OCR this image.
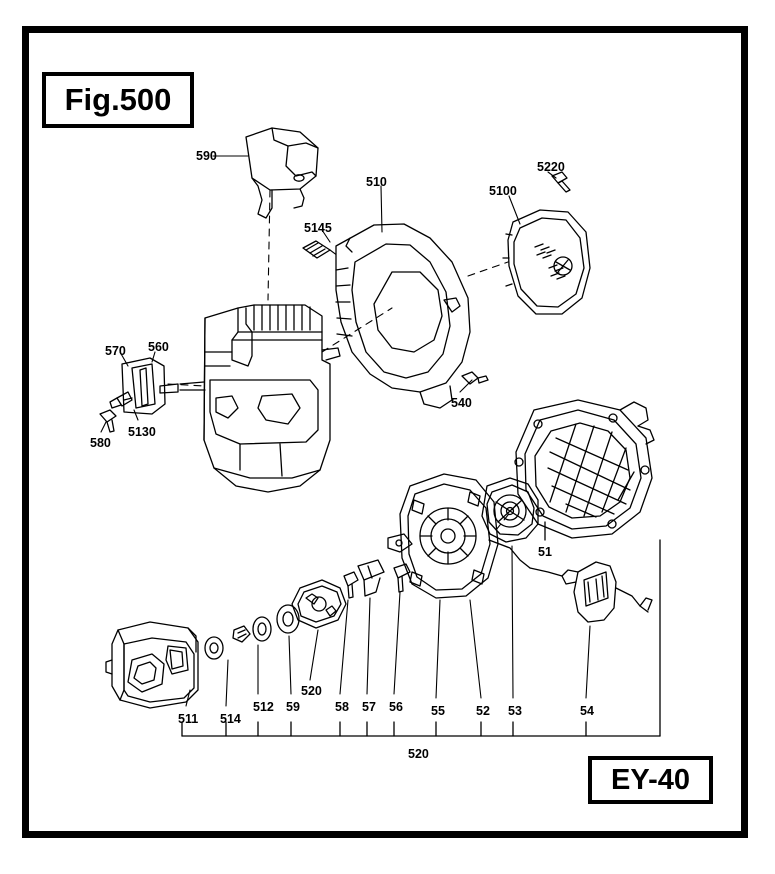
Fig.500
EY-40
590
510
5220
5100
5145
570 560
540
5130
580
51
520
511 514
512 59	58 57 56 55 52 53	54
520
